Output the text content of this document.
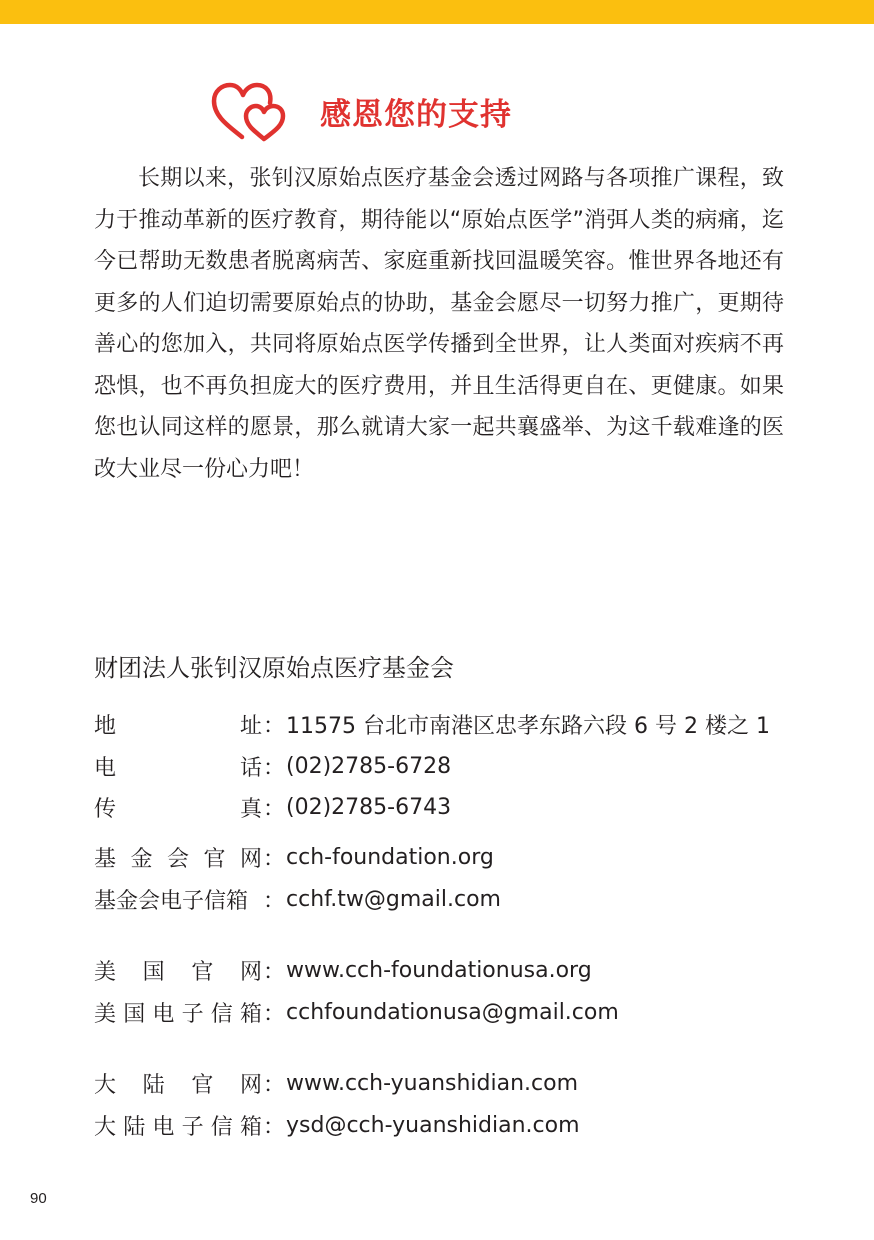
感恩您的支持

长期以来，张钊汉原始点医疗基金会透过网路与各项推广课程，致力于推动革新的医疗教育，期待能以“原始点医学”消弭人类的病痛，迄今已帮助无数患者脱离病苦、家庭重新找回温暖笑容。惟世界各地还有更多的人们迫切需要原始点的协助，基金会愿尽一切努力推广，更期待善心的您加入，共同将原始点医学传播到全世界，让人类面对疾病不再恐惧，也不再负担庞大的医疗费用，并且生活得更自在、更健康。如果您也认同这样的愿景，那么就请大家一起共襄盛举、为这千载难逢的医改大业尽一份心力吧！

财团法人张钊汉原始点医疗基金会
地	址 ： 11575 台北市南港区忠孝东路六段 6 号 2 楼之 1
电	话 ： (02)2785-6728
传	真 ： (02)2785-6743
基 金 会 官 网 ： cch-foundation.org
基金会电子信箱 ： cchf.tw@gmail.com
美 国 官 网 ： www.cch-foundationusa.org
美 国 电 子 信 箱 ： cchfoundationusa@gmail.com
大 陆 官 网 ： www.cch-yuanshidian.com
大 陆 电 子 信 箱 ： ysd@cch-yuanshidian.com
90
